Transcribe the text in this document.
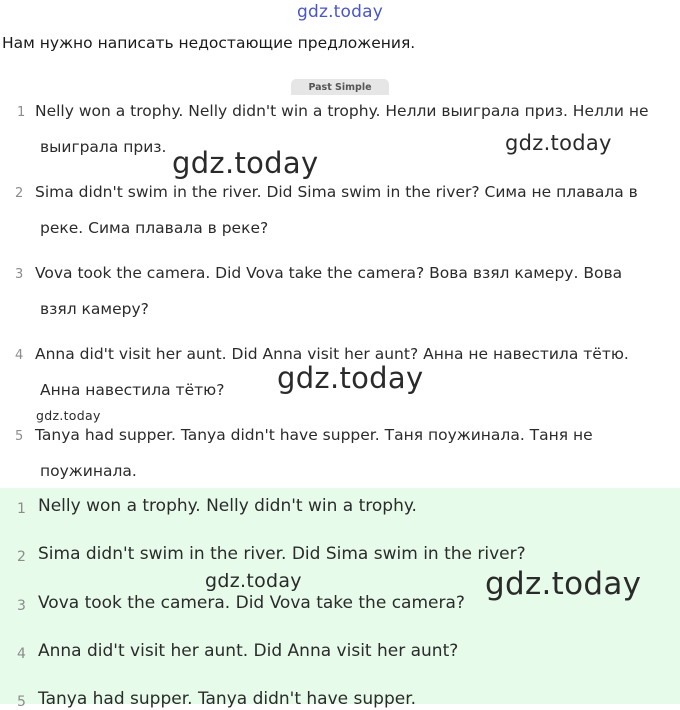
gdz.today
Нам нужно написать недостающие предложения.
Past Simple
1 Nelly won a trophy. Nelly didn't win a trophy. Нелли выиграла приз. Нелли не
выиграла приз.
2 Sima didn't swim in the river. Did Sima swim in the river? Сима не плавала в
реке. Сима плавала в реке?
3 Vova took the camera. Did Vova take the camera? Вова взял камеру. Вова
взял камеру?
4 Anna did't visit her aunt. Did Anna visit her aunt? Анна не навестила тётю.
Анна навестила тётю?
5 Tanya had supper. Tanya didn't have supper. Таня поужинала. Таня не
поужинала.
1 Nelly won a trophy. Nelly didn't win a trophy.
2 Sima didn't swim in the river. Did Sima swim in the river?
3 Vova took the camera. Did Vova take the camera?
4 Anna did't visit her aunt. Did Anna visit her aunt?
5 Tanya had supper. Tanya didn't have supper.
gdz.today
gdz.today
gdz.today
gdz.today
gdz.today	gdz.today
